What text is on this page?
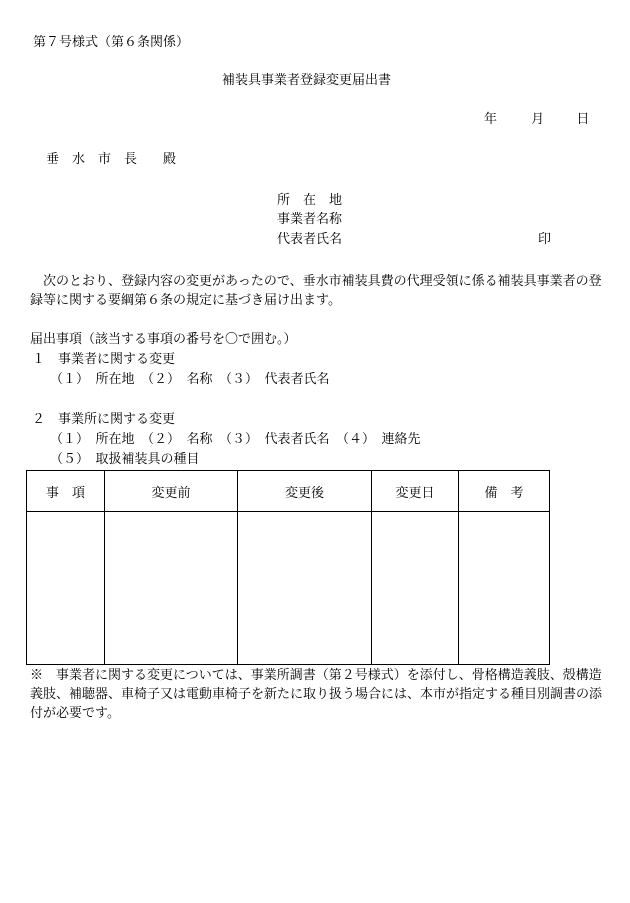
第７号様式（第６条関係）
補装具事業者登録変更届出書
年	月 日
垂　水　市　長　　殿
所　在　地
事業者名称
代表者氏名	印
　次のとおり、登録内容の変更があったので、垂水市補装具費の代理受領に係る補装具事業者の登録等に関する要綱第６条の規定に基づき届け出ます。
届出事項（該当する事項の番号を〇で囲む。）
１　事業者に関する変更
（１）　所在地　（２）　名称　（３）　代表者氏名
２　事業所に関する変更
（１）　所在地　（２）　名称　（３）　代表者氏名　（４）　連絡先
（５）　取扱補装具の種目
事　項	変更前	変更後	変更日	備　考

※　事業者に関する変更については、事業所調書（第２号様式）を添付し、骨格構造義肢、殻構造義肢、補聴器、車椅子又は電動車椅子を新たに取り扱う場合には、本市が指定する種目別調書の添付が必要です。
